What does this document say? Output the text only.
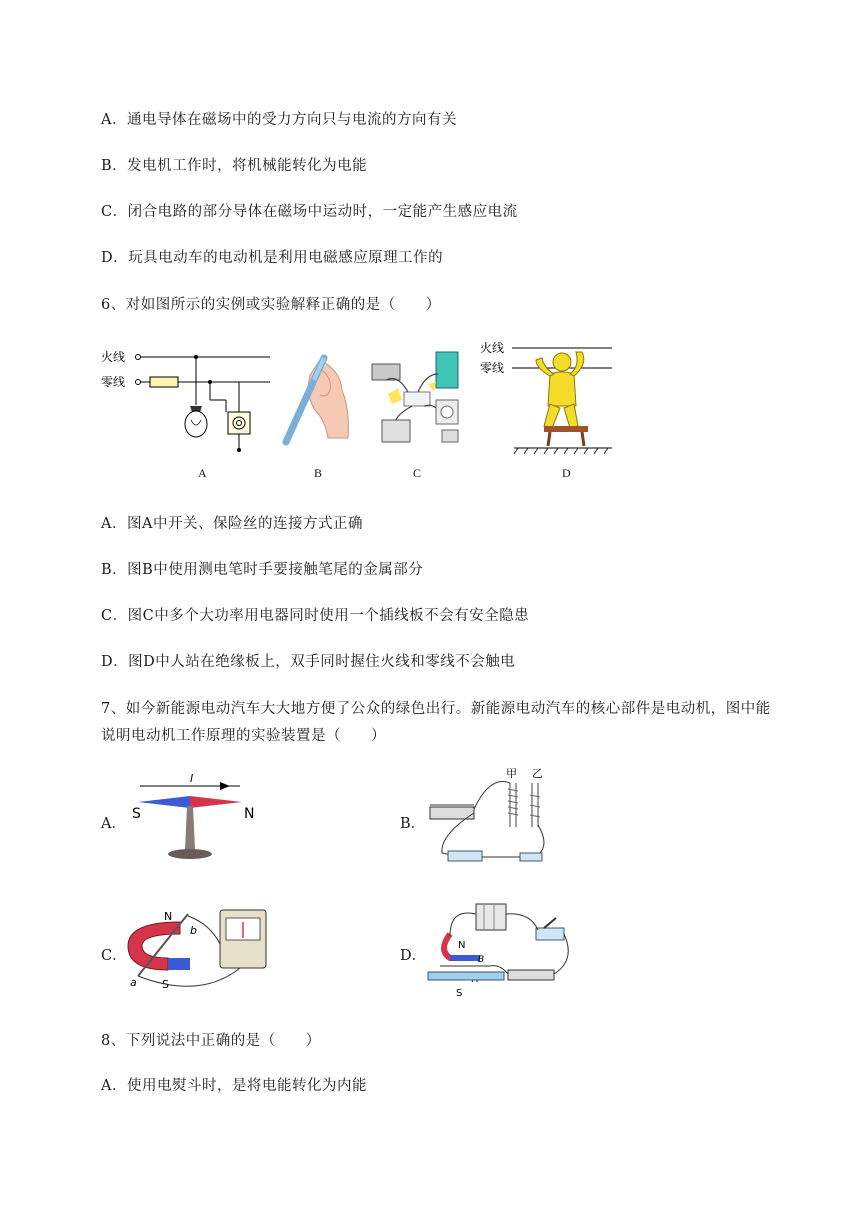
A．通电导体在磁场中的受力方向只与电流的方向有关
B．发电机工作时，将机械能转化为电能
C．闭合电路的部分导体在磁场中运动时，一定能产生感应电流
D．玩具电动车的电动机是利用电磁感应原理工作的
6、对如图所示的实例或实验解释正确的是（　　）
火线
零线
A	B	C
火线
零线
D
A．图A中开关、保险丝的连接方式正确
B．图B中使用测电笔时手要接触笔尾的金属部分
C．图C中多个大功率用电器同时使用一个插线板不会有安全隐患
D．图D中人站在绝缘板上，双手同时握住火线和零线不会触电
7、如今新能源电动汽车大大地方便了公众的绿色出行。新能源电动汽车的核心部件是电动机，图中能
说明电动机工作原理的实验装置是（　　）
A．
I
S	N
B．
甲 乙
C．
N
S
a
b
D．
N
S
B
8、下列说法中正确的是（　　）
A．使用电熨斗时，是将电能转化为内能
